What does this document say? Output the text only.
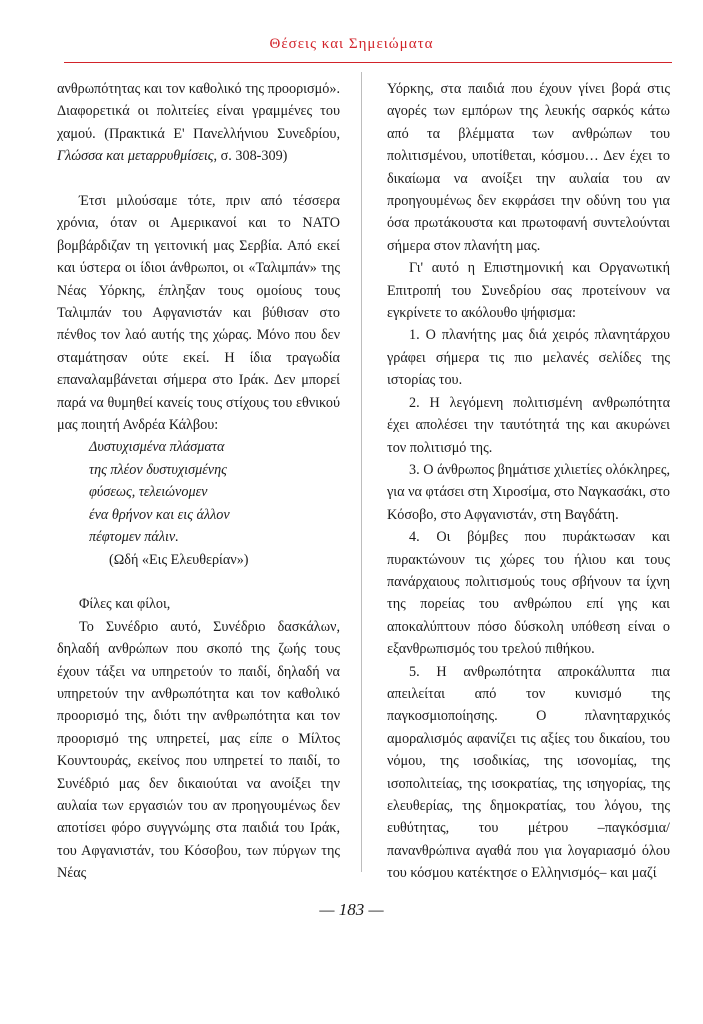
Θέσεις και Σημειώματα

ανθρωπότητας και τον καθολικό της προορισμό». Διαφορετικά οι πολιτείες είναι γραμμένες του χαμού. (Πρακτικά Ε' Πανελλήνιου Συνεδρίου, Γλώσσα και μεταρρυθμίσεις, σ. 308-309)

Έτσι μιλούσαμε τότε, πριν από τέσσερα χρόνια, όταν οι Αμερικανοί και το ΝΑΤΟ βομβάρδιζαν τη γειτονική μας Σερβία. Από εκεί και ύστερα οι ίδιοι άνθρωποι, οι «Ταλιμπάν» της Νέας Υόρκης, έπληξαν τους ομοίους τους Ταλιμπάν του Αφγανιστάν και βύθισαν στο πένθος τον λαό αυτής της χώρας. Μόνο που δεν σταμάτησαν ούτε εκεί. Η ίδια τραγωδία επαναλαμβάνεται σήμερα στο Ιράκ. Δεν μπορεί παρά να θυμηθεί κανείς τους στίχους του εθνικού μας ποιητή Ανδρέα Κάλβου:

Δυστυχισμένα πλάσματα
της πλέον δυστυχισμένης
φύσεως, τελειώνομεν
ένα θρήνον και εις άλλον
πέφτομεν πάλιν.
(Ωδή «Εις Ελευθερίαν»)

Φίλες και φίλοι,

Το Συνέδριο αυτό, Συνέδριο δασκάλων, δηλαδή ανθρώπων που σκοπό της ζωής τους έχουν τάξει να υπηρετούν το παιδί, δηλαδή να υπηρετούν την ανθρωπότητα και τον καθολικό προορισμό της, διότι την ανθρωπότητα και τον προορισμό της υπηρετεί, μας είπε ο Μίλτος Κουντουράς, εκείνος που υπηρετεί το παιδί, το Συνέδριό μας δεν δικαιούται να ανοίξει την αυλαία των εργασιών του αν προηγουμένως δεν αποτίσει φόρο συγγνώμης στα παιδιά του Ιράκ, του Αφγανιστάν, του Κόσοβου, των πύργων της Νέας

Υόρκης, στα παιδιά που έχουν γίνει βορά στις αγορές των εμπόρων της λευκής σαρκός κάτω από τα βλέμματα των ανθρώπων του πολιτισμένου, υποτίθεται, κόσμου… Δεν έχει το δικαίωμα να ανοίξει την αυλαία του αν προηγουμένως δεν εκφράσει την οδύνη του για όσα πρωτάκουστα και πρωτοφανή συντελούνται σήμερα στον πλανήτη μας.

Γι' αυτό η Επιστημονική και Οργανωτική Επιτροπή του Συνεδρίου σας προτείνουν να εγκρίνετε το ακόλουθο ψήφισμα:

1. Ο πλανήτης μας διά χειρός πλανητάρχου γράφει σήμερα τις πιο μελανές σελίδες της ιστορίας του.

2. Η λεγόμενη πολιτισμένη ανθρωπότητα έχει απολέσει την ταυτότητά της και ακυρώνει τον πολιτισμό της.

3. Ο άνθρωπος βημάτισε χιλιετίες ολόκληρες, για να φτάσει στη Χιροσίμα, στο Ναγκασάκι, στο Κόσοβο, στο Αφγανιστάν, στη Βαγδάτη.

4. Οι βόμβες που πυράκτωσαν και πυρακτώνουν τις χώρες του ήλιου και τους πανάρχαιους πολιτισμούς τους σβήνουν τα ίχνη της πορείας του ανθρώπου επί γης και αποκαλύπτουν πόσο δύσκολη υπόθεση είναι ο εξανθρωπισμός του τρελού πιθήκου.

5. Η ανθρωπότητα απροκάλυπτα πια απειλείται από τον κυνισμό της παγκοσμιοποίησης. Ο πλανηταρχικός αμοραλισμός αφανίζει τις αξίες του δικαίου, του νόμου, της ισοδικίας, της ισονομίας, της ισοπολιτείας, της ισοκρατίας, της ισηγορίας, της ελευθερίας, της δημοκρατίας, του λόγου, της ευθύτητας, του μέτρου –παγκόσμια/πανανθρώπινα αγαθά που για λογαριασμό όλου του κόσμου κατέκτησε ο Ελληνισμός– και μαζί

— 183 —
